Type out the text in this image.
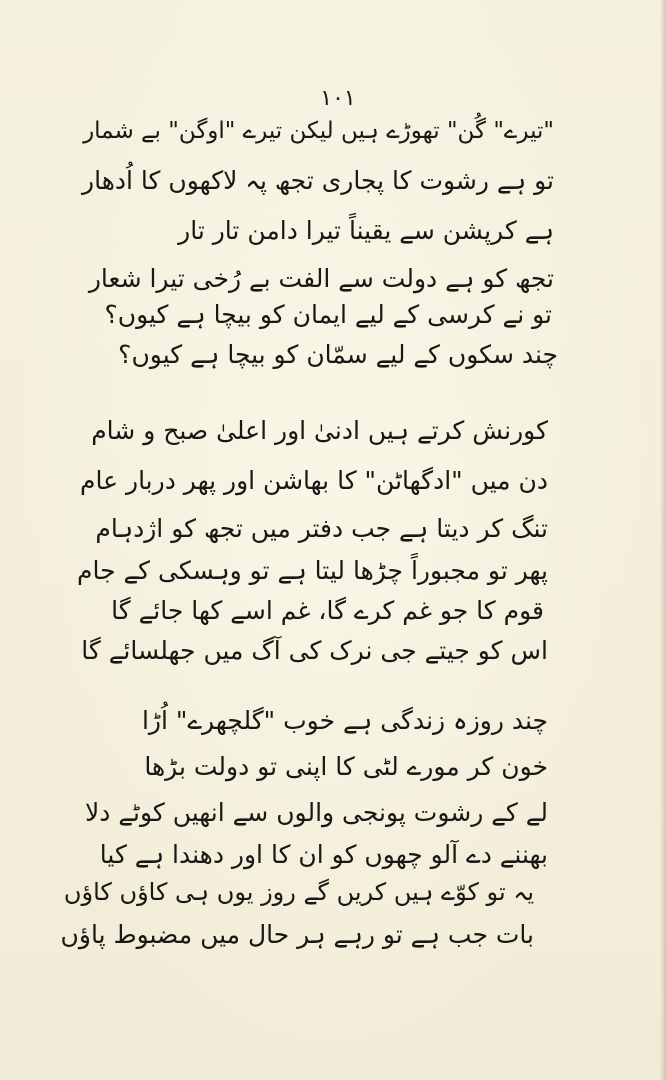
۱۰۱
"تیرے" گُن" تھوڑے ہیں لیکن تیرے "اوگن" بے شمار
تو ہے رشوت کا پجاری تجھ پہ لاکھوں کا اُدھار
ہے کرپشن سے یقیناً تیرا دامن تار تار
تجھ کو ہے دولت سے الفت بے رُخی تیرا شعار
تو نے کرسی کے لیے ایمان کو بیچا ہے کیوں؟
چند سکوں کے لیے سمّان کو بیچا ہے کیوں؟
کورنش کرتے ہیں ادنیٰ اور اعلیٰ صبح و شام
دن میں "ادگھاٹن" کا بھاشن اور پھر دربار عام
تنگ کر دیتا ہے جب دفتر میں تجھ کو اژدہام
پھر تو مجبوراً چڑھا لیتا ہے تو وہسکی کے جام
قوم کا جو غم کرے گا، غم اسے کھا جائے گا
اس کو جیتے جی نرک کی آگ میں جھلسائے گا
چند روزہ زندگی ہے خوب "گلچھرے" اُڑا
خون کر مورے لٹی کا اپنی تو دولت بڑھا
لے کے رشوت پونجی والوں سے انھیں کوٹے دلا
بھننے دے آلو چھوں کو ان کا اور دھندا ہے کیا
یہ تو کوّے ہیں کریں گے روز یوں ہی کاؤں کاؤں
بات جب ہے تو رہے ہر حال میں مضبوط پاؤں
